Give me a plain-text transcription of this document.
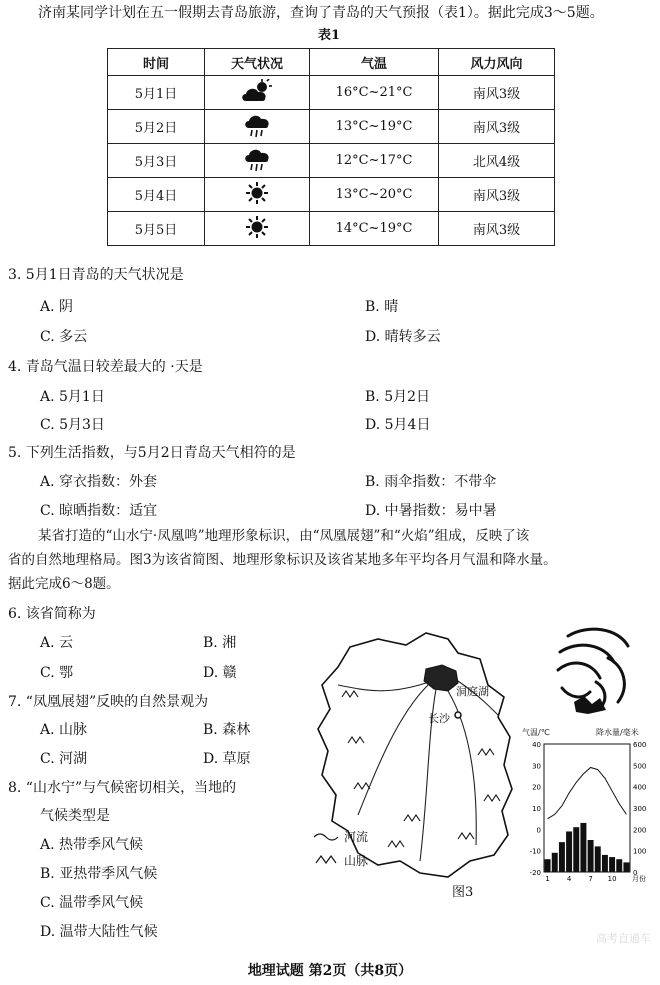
济南某同学计划在五一假期去青岛旅游，查询了青岛的天气预报（表1）。据此完成3～5题。
表1
时间	天气状况	气温	风力风向
5月1日		16°C~21°C	南风3级
5月2日		13°C~19°C	南风3级
5月3日		12°C~17°C	北风4级
5月4日		13°C~20°C	南风3级
5月5日		14°C~19°C	南风3级
3. 5月1日青岛的天气状况是
A. 阴	B. 晴
C. 多云	D. 晴转多云
4. 青岛气温日较差最大的 ·天是
A. 5月1日	B. 5月2日
C. 5月3日	D. 5月4日
5. 下列生活指数，与5月2日青岛天气相符的是
A. 穿衣指数：外套	B. 雨伞指数：不带伞
C. 晾晒指数：适宜	D. 中暑指数：易中暑
某省打造的“山水宁·凤凰鸣”地理形象标识，由“凤凰展翅”和“火焰”组成，反映了该
省的自然地理格局。图3为该省简图、地理形象标识及该省某地多年平均各月气温和降水量。
据此完成6～8题。
6. 该省简称为
A. 云	B. 湘
C. 鄂	D. 赣
7. “凤凰展翅”反映的自然景观为
A. 山脉	B. 森林
C. 河湖	D. 草原
8. “山水宁”与气候密切相关，当地的
气候类型是
A. 热带季风气候
B. 亚热带季风气候
C. 温带季风气候
D. 温带大陆性气候
洞庭湖
长沙
河流
山脉
气温/℃	降水量/毫米
40
30
20
10
0
-10
-20
600
500
400
300
200
100
0
1 4 7 10 月份
图3
地理试题 第2页（共8页）
高考直通车
